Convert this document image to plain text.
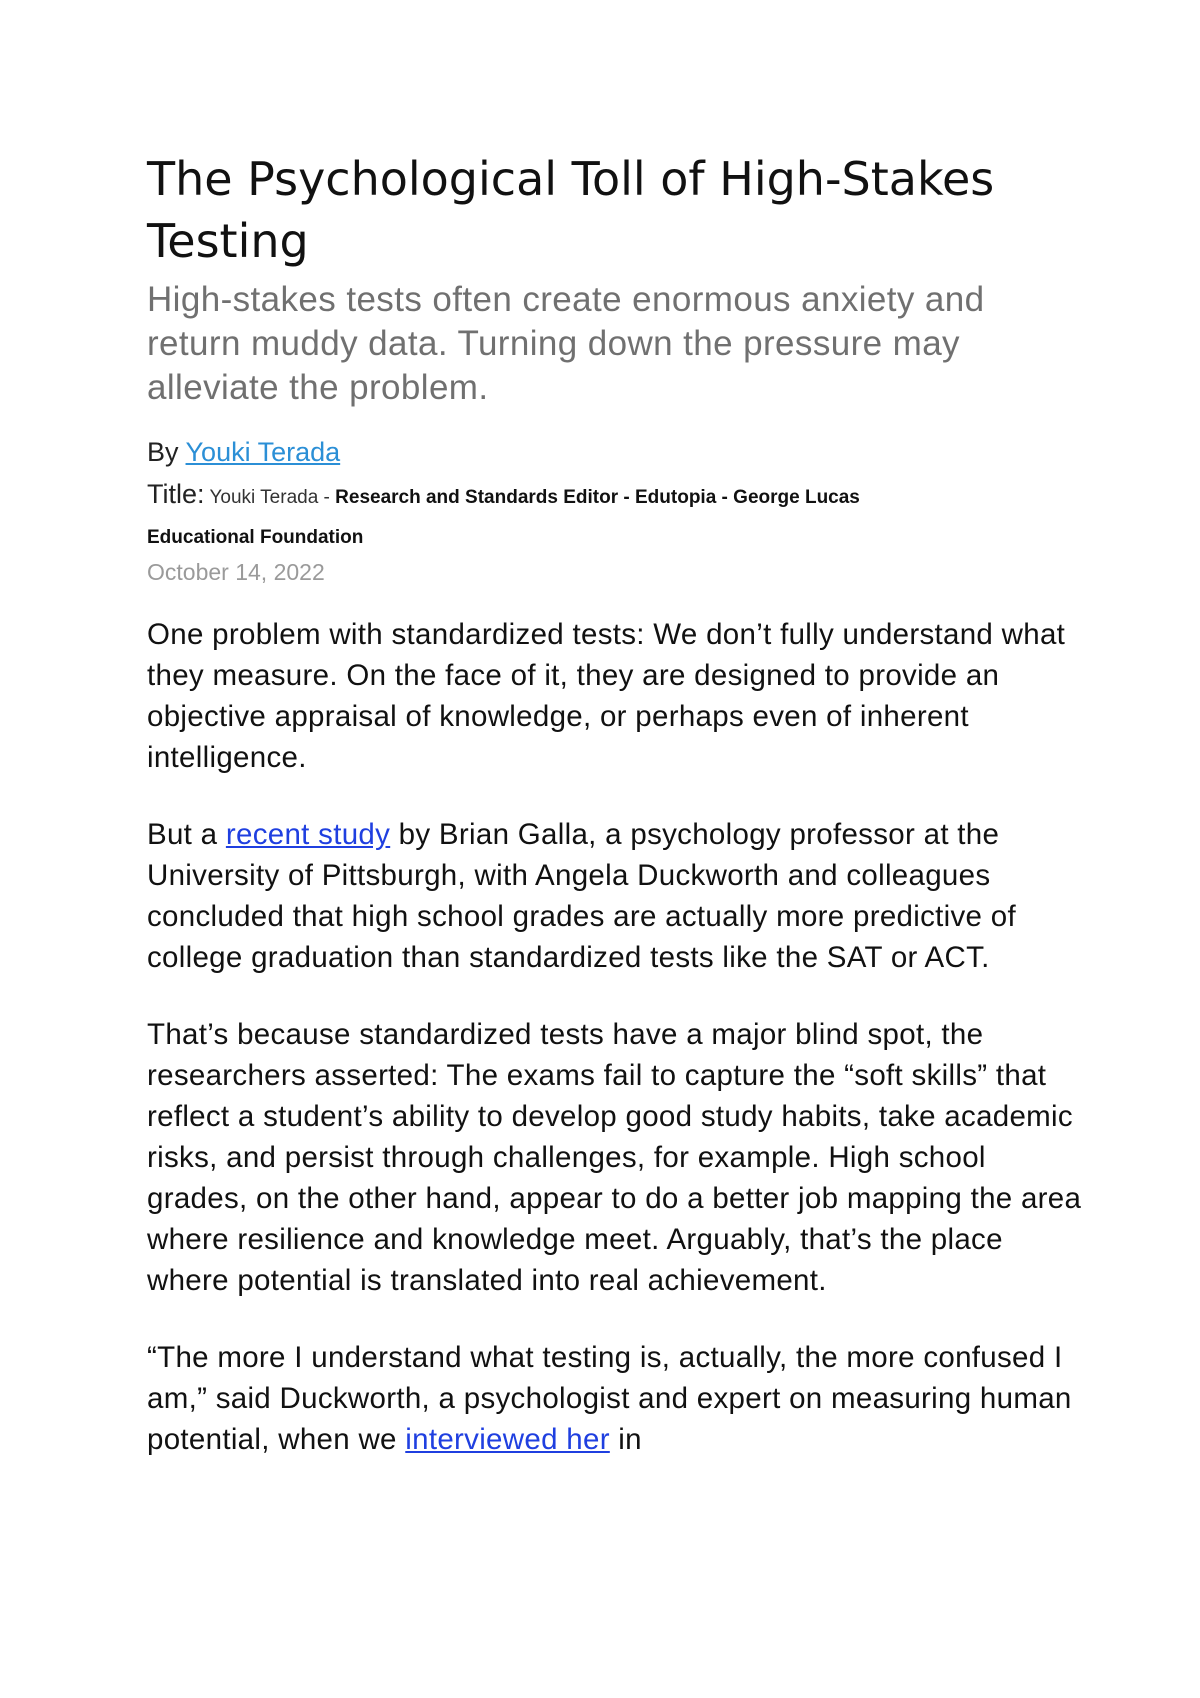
The Psychological Toll of High-Stakes Testing
High-stakes tests often create enormous anxiety and return muddy data. Turning down the pressure may alleviate the problem.
By Youki Terada
Title: Youki Terada - Research and Standards Editor - Edutopia - George Lucas
Educational Foundation
October 14, 2022

One problem with standardized tests: We don’t fully understand what they measure. On the face of it, they are designed to provide an objective appraisal of knowledge, or perhaps even of inherent intelligence.

But a recent study by Brian Galla, a psychology professor at the University of Pittsburgh, with Angela Duckworth and colleagues concluded that high school grades are actually more predictive of college graduation than standardized tests like the SAT or ACT.

That’s because standardized tests have a major blind spot, the researchers asserted: The exams fail to capture the “soft skills” that reflect a student’s ability to develop good study habits, take academic risks, and persist through challenges, for example. High school grades, on the other hand, appear to do a better job mapping the area where resilience and knowledge meet. Arguably, that’s the place where potential is translated into real achievement.

“The more I understand what testing is, actually, the more confused I am,” said Duckworth, a psychologist and expert on measuring human potential, when we interviewed her in
